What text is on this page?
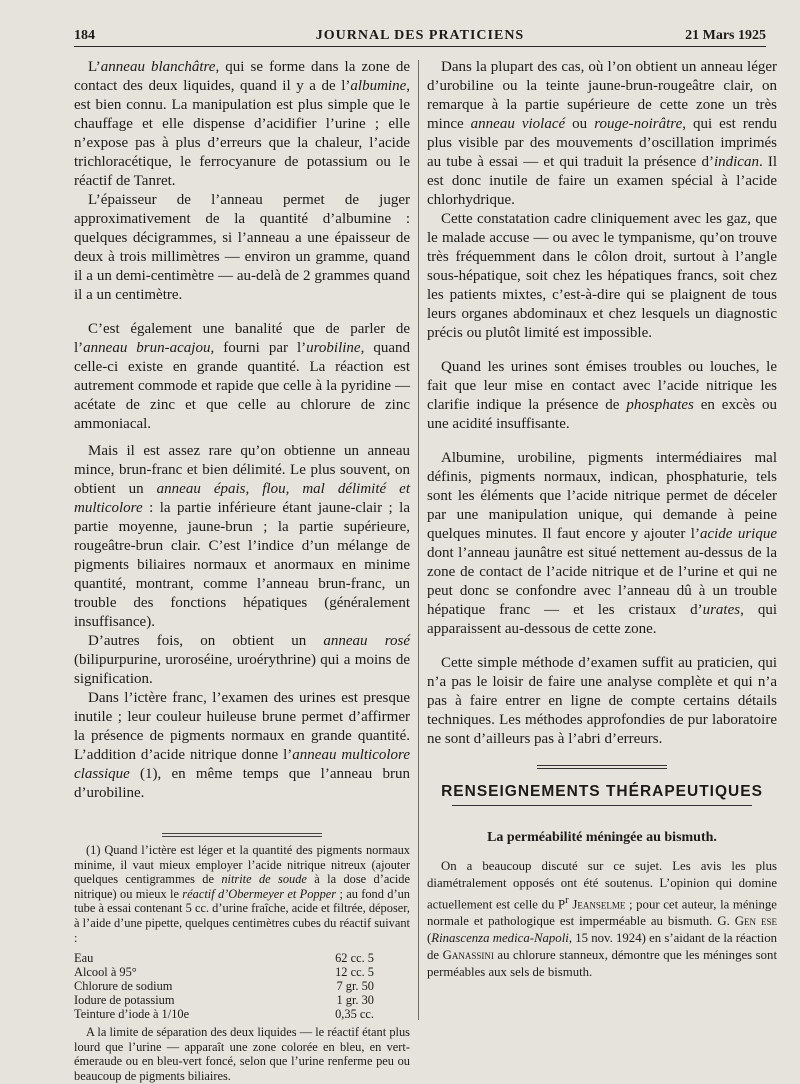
184	JOURNAL DES PRATICIENS	21 Mars 1925

L’anneau blanchâtre, qui se forme dans la zone de contact des deux liquides, quand il y a de l’albumine, est bien connu. La manipulation est plus simple que le chauffage et elle dispense d’acidifier l’urine ; elle n’expose pas à plus d’erreurs que la chaleur, l’acide trichloracétique, le ferrocyanure de potassium ou le réactif de Tanret.

L’épaisseur de l’anneau permet de juger approximativement de la quantité d’albumine : quelques décigrammes, si l’anneau a une épaisseur de deux à trois millimètres — environ un gramme, quand il a un demi-centimètre — au-delà de 2 grammes quand il a un centimètre.

C’est également une banalité que de parler de l’anneau brun-acajou, fourni par l’urobiline, quand celle-ci existe en grande quantité. La réaction est autrement commode et rapide que celle à la pyridine — acétate de zinc et que celle au chlorure de zinc ammoniacal.

Mais il est assez rare qu’on obtienne un anneau mince, brun-franc et bien délimité. Le plus souvent, on obtient un anneau épais, flou, mal délimité et multicolore : la partie inférieure étant jaune-clair ; la partie moyenne, jaune-brun ; la partie supérieure, rougeâtre-brun clair. C’est l’indice d’un mélange de pigments biliaires normaux et anormaux en minime quantité, montrant, comme l’anneau brun-franc, un trouble des fonctions hépatiques (généralement insuffisance).

D’autres fois, on obtient un anneau rosé (bilipurpurine, uroroséine, uroérythrine) qui a moins de signification.

Dans l’ictère franc, l’examen des urines est presque inutile ; leur couleur huileuse brune permet d’affirmer la présence de pigments normaux en grande quantité. L’addition d’acide nitrique donne l’anneau multicolore classique (1), en même temps que l’anneau brun d’urobiline.

(1) Quand l’ictère est léger et la quantité des pigments normaux minime, il vaut mieux employer l’acide nitrique nitreux (ajouter quelques centigrammes de nitrite de soude à la dose d’acide nitrique) ou mieux le réactif d’Obermeyer et Popper ; au fond d’un tube à essai contenant 5 cc. d’urine fraîche, acide et filtrée, déposer, à l’aide d’une pipette, quelques centimètres cubes du réactif suivant :

Eau	62 cc. 5
Alcool à 95°	12 cc. 5
Chlorure de sodium	7 gr. 50
Iodure de potassium	1 gr. 30
Teinture d’iode à 1/10e	0,35 cc.

A la limite de séparation des deux liquides — le réactif étant plus lourd que l’urine — apparaît une zone colorée en bleu, en vert-émeraude ou en bleu-vert foncé, selon que l’urine renferme peu ou beaucoup de pigments biliaires.

Dans la plupart des cas, où l’on obtient un anneau léger d’urobiline ou la teinte jaune-brun-rougeâtre clair, on remarque à la partie supérieure de cette zone un très mince anneau violacé ou rouge-noirâtre, qui est rendu plus visible par des mouvements d’oscillation imprimés au tube à essai — et qui traduit la présence d’indican. Il est donc inutile de faire un examen spécial à l’acide chlorhydrique.

Cette constatation cadre cliniquement avec les gaz, que le malade accuse — ou avec le tympanisme, qu’on trouve très fréquemment dans le côlon droit, surtout à l’angle sous-hépatique, soit chez les hépatiques francs, soit chez les patients mixtes, c’est-à-dire qui se plaignent de tous leurs organes abdominaux et chez lesquels un diagnostic précis ou plutôt limité est impossible.

Quand les urines sont émises troubles ou louches, le fait que leur mise en contact avec l’acide nitrique les clarifie indique la présence de phosphates en excès ou une acidité insuffisante.

Albumine, urobiline, pigments intermédiaires mal définis, pigments normaux, indican, phosphaturie, tels sont les éléments que l’acide nitrique permet de déceler par une manipulation unique, qui demande à peine quelques minutes. Il faut encore y ajouter l’acide urique dont l’anneau jaunâtre est situé nettement au-dessus de la zone de contact de l’acide nitrique et de l’urine et qui ne peut donc se confondre avec l’anneau dû à un trouble hépatique franc — et les cristaux d’urates, qui apparaissent au-dessous de cette zone.

Cette simple méthode d’examen suffit au praticien, qui n’a pas le loisir de faire une analyse complète et qui n’a pas à faire entrer en ligne de compte certains détails techniques. Les méthodes approfondies de pur laboratoire ne sont d’ailleurs pas à l’abri d’erreurs.

RENSEIGNEMENTS THÉRAPEUTIQUES
La perméabilité méningée au bismuth.

On a beaucoup discuté sur ce sujet. Les avis les plus diamétralement opposés ont été soutenus. L’opinion qui domine actuellement est celle du $P^r$ Jeanselme ; pour cet auteur, la méninge normale et pathologique est imperméable au bismuth. G. Gen ese (Rinascenza medica-Napoli, 15 nov. 1924) en s’aidant de la réaction de Ganassini au chlorure stanneux, démontre que les méninges sont perméables aux sels de bismuth.
